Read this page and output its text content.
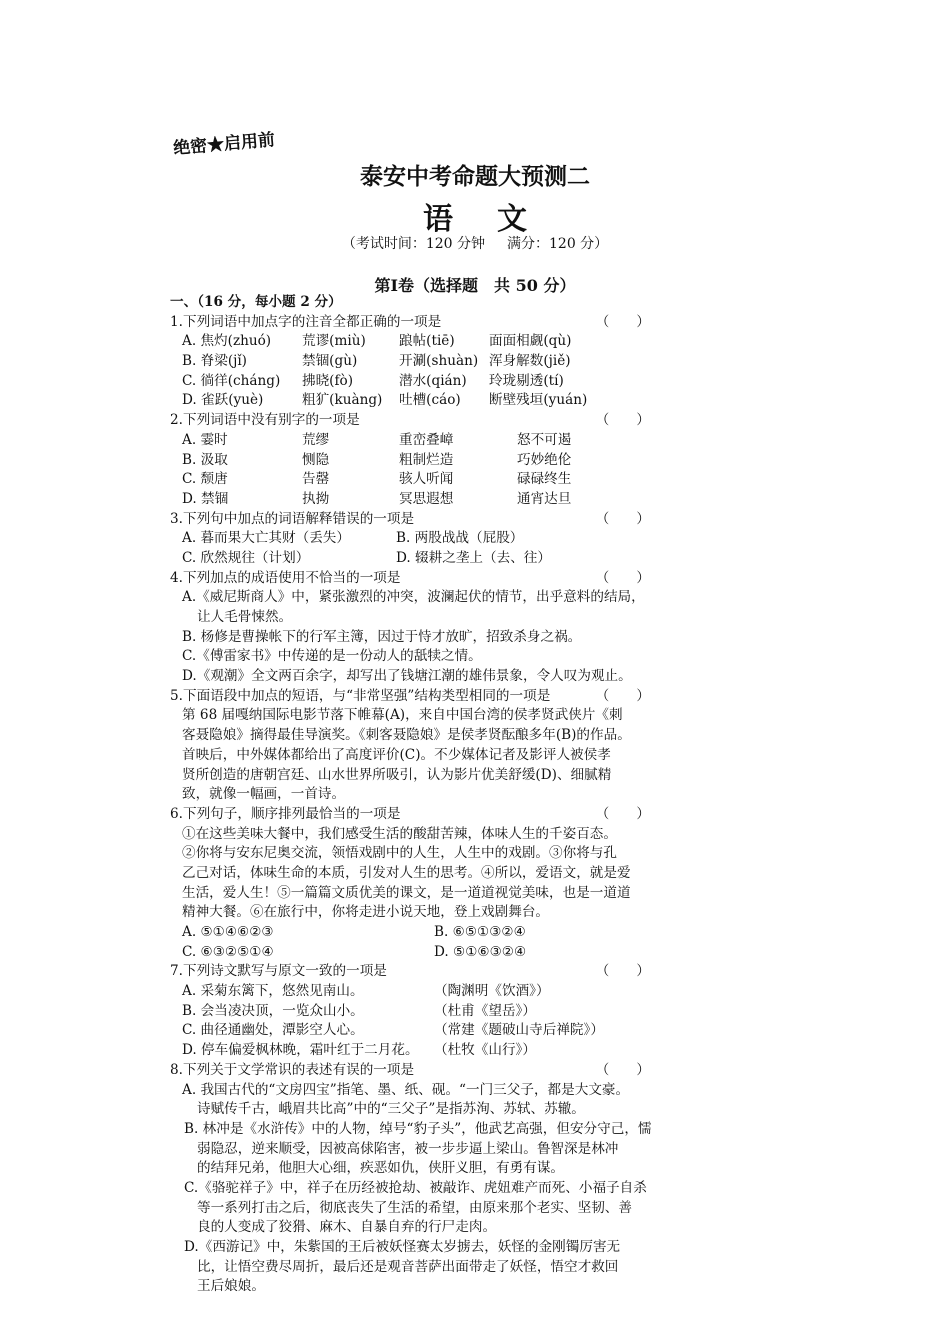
绝密★启用前
泰安中考命题大预测二
语文
（考试时间：120 分钟 满分：120 分）
第Ⅰ卷（选择题　共 50 分）
一、（16 分，每小题 2 分）
1.下列词语中加点字的注音全都正确的一项是	（　　）
A. 焦灼(zhuó)	荒谬(miù)	踉帖(tiē)	面面相觑(qù)
B. 脊梁(jǐ)	禁锢(gù)	开涮(shuàn) 浑身解数(jiě)
C. 徜徉(cháng)	拂晓(fò)	潜水(qián)	玲珑剔透(tí)
D. 雀跃(yuè)	粗犷(kuàng)	吐槽(cáo)	断壁残垣(yuán)
2.下列词语中没有别字的一项是	（　　）
A. 霎时	荒缪	重峦叠嶂	怒不可遏
B. 汲取	恻隐	粗制烂造	巧妙绝伦
C. 颓唐	告罄	骇人听闻	碌碌终生
D. 禁锢	执拗	冥思遐想	通宵达旦
3.下列句中加点的词语解释错误的一项是	（　　）
A. 暮而果大亡其财（丢失）	B. 两股战战（屁股）
C. 欣然规往（计划）	D. 辍耕之垄上（去、往）
4.下列加点的成语使用不恰当的一项是	（　　）
A.《威尼斯商人》中，紧张激烈的冲突，波澜起伏的情节，出乎意料的结局，
让人毛骨悚然。
B. 杨修是曹操帐下的行军主簿，因过于恃才放旷，招致杀身之祸。
C.《傅雷家书》中传递的是一份动人的舐犊之情。
D.《观潮》全文两百余字，却写出了钱塘江潮的雄伟景象，令人叹为观止。
5.下面语段中加点的短语，与“非常坚强”结构类型相同的一项是	（　　）
第 68 届嘎纳国际电影节落下帷幕(A)，来自中国台湾的侯孝贤武侠片《刺
客聂隐娘》摘得最佳导演奖。《刺客聂隐娘》是侯孝贤酝酿多年(B)的作品。
首映后，中外媒体都给出了高度评价(C)。不少媒体记者及影评人被侯孝
贤所创造的唐朝宫廷、山水世界所吸引，认为影片优美舒缓(D)、细腻精
致，就像一幅画，一首诗。
6.下列句子，顺序排列最恰当的一项是	（　　）
①在这些美味大餐中，我们感受生活的酸甜苦辣，体味人生的千姿百态。
②你将与安东尼奥交流，领悟戏剧中的人生，人生中的戏剧。③你将与孔
乙己对话，体味生命的本质，引发对人生的思考。④所以，爱语文，就是爱
生活，爱人生！⑤一篇篇文质优美的课文，是一道道视觉美味，也是一道道
精神大餐。⑥在旅行中，你将走进小说天地，登上戏剧舞台。
A. ⑤①④⑥②③	B. ⑥⑤①③②④
C. ⑥③②⑤①④	D. ⑤①⑥③②④
7.下列诗文默写与原文一致的一项是	（　　）
A. 采菊东篱下，悠然见南山。	（陶渊明《饮酒》）
B. 会当凌决顶，一览众山小。	（杜甫《望岳》）
C. 曲径通幽处，潭影空人心。	（常建《题破山寺后禅院》）
D. 停车偏爱枫林晚，霜叶红于二月花。	（杜牧《山行》）
8.下列关于文学常识的表述有误的一项是	（　　）
A. 我国古代的“文房四宝”指笔、墨、纸、砚。“一门三父子，都是大文豪。
诗赋传千古，峨眉共比高”中的“三父子”是指苏洵、苏轼、苏辙。
B. 林冲是《水浒传》中的人物，绰号“豹子头”，他武艺高强，但安分守己，懦
弱隐忍，逆来顺受，因被高俅陷害，被一步步逼上梁山。鲁智深是林冲
的结拜兄弟，他胆大心细，疾恶如仇，侠肝义胆，有勇有谋。
C.《骆驼祥子》中，祥子在历经被抢劫、被敲诈、虎妞难产而死、小福子自杀
等一系列打击之后，彻底丧失了生活的希望，由原来那个老实、坚韧、善
良的人变成了狡猾、麻木、自暴自弃的行尸走肉。
D.《西游记》中，朱紫国的王后被妖怪赛太岁掳去，妖怪的金刚镯厉害无
比，让悟空费尽周折，最后还是观音菩萨出面带走了妖怪，悟空才救回
王后娘娘。
